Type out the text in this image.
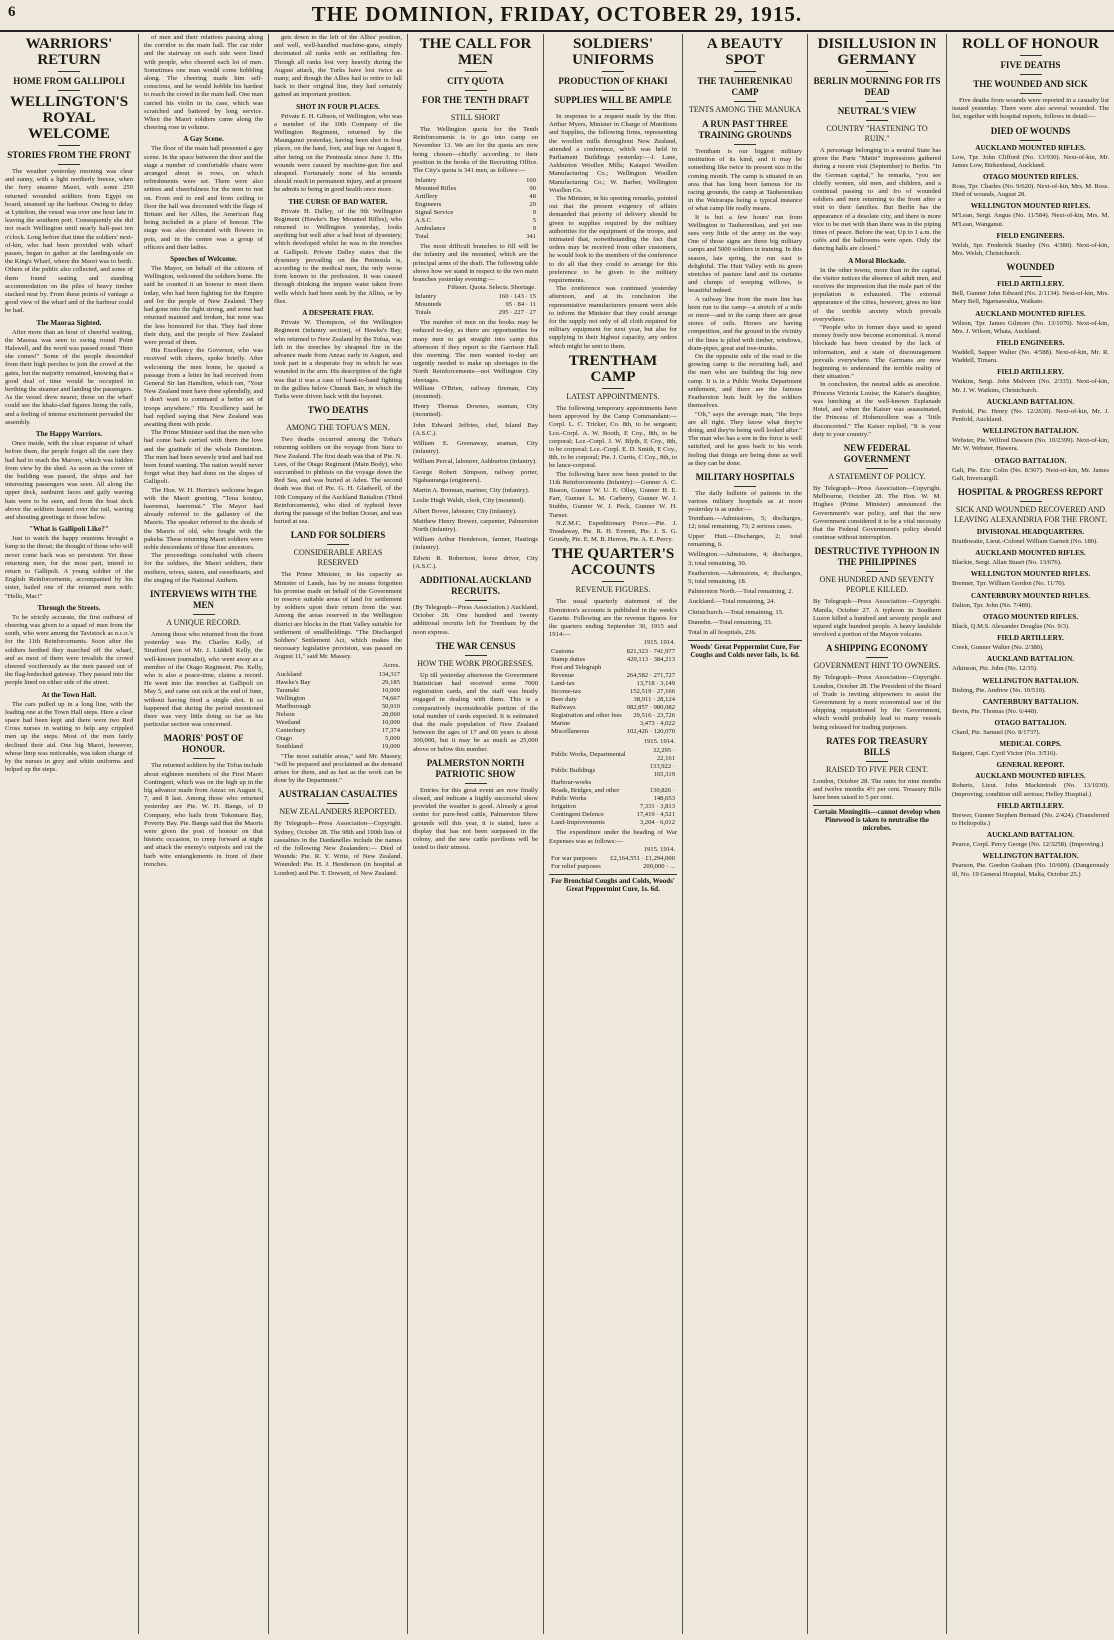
6	THE DOMINION, FRIDAY, OCTOBER 29, 1915.
WARRIORS' RETURN
HOME FROM GALLIPOLI
WELLINGTON'S ROYAL WELCOME
STORIES FROM THE FRONT

The weather yesterday morning was clear and sunny, with a light northerly breeze, when the ferry steamer Maori, with some 250 returned wounded soldiers from Egypt on board, steamed up the harbour. Owing to delay at Lyttelton, the vessel was over one hour late in leaving the southern port. Consequently she did not reach Wellington until nearly half-past ten o'clock. Long before that time the soldiers' next-of-kin, who had been provided with wharf passes, began to gather at the landing-side on the King's Wharf, where the Maori was to berth. Others of the public also collected, and some of them found seating and standing accommodation on the piles of heavy timber stacked near by. From these points of vantage a good view of the wharf and of the harbour could be had.

The Maoraa Sighted.

After more than an hour of cheerful waiting, the Maoraa was seen to swing round Point Halswell, and the word was passed round "Here she comes!" Some of the people descended from their high perches to join the crowd at the gates, but the majority remained, knowing that a good deal of time would be occupied in berthing the steamer and landing the passengers. As the vessel drew nearer, those on the wharf could see the khaki-clad figures lining the rails, and a feeling of intense excitement pervaded the assembly.

The Happy Warriors.

Once inside, with the clear expanse of wharf before them, the people forgot all the care they had had to reach the Maroro, which was hidden from view by the shed. As soon as the cover of the building was passed, the ships and her interesting passengers was seen. All along the upper deck, sunburnt faces and gaily waving hats were to be seen, and from the boat deck above the soldiers leaned over the rail, waving and shouting greetings to those below.

"What is Gallipoli Like?"

Just to watch the happy reunions brought a lump to the throat; the thought of those who will never come back was so persistent. Yet these returning men, for the most part, intend to return to Gallipoli. A young soldier of the English Reinforcements, accompanied by his sister, hailed one of the returned men with: "Hello, Mac!"

Through the Streets.

To be strictly accurate, the first outburst of cheering was given to a squad of men from the south, who were among the Tavistock as n.c.o.'s for the 11th Reinforcements. Soon after the soldiers berthed they marched off the wharf, and as most of them were invalids the crowd cheered vociferously as the men passed out of the flag-bedecked gateway. They passed into the people lined on either side of the street.

At the Town Hall.

The cars pulled up in a long line, with the leading one at the Town Hall steps. Here a clear space had been kept and there were two Red Cross nurses in waiting to help any crippled men up the steps. Most of the men fairly declined their aid. One big Maori, however, whose limp was noticeable, was taken charge of by the nurses in grey and white uniforms and helped up the steps.

of men and their relatives passing along the corridor to the main hall. The car rider and the stairway on each side were lined with people, who cheered each lot of men. Sometimes one man would come hobbling along. The cheering made him self-conscious, and he would hobble his hardest to reach the crowd in the main hall. One man carried his violin in its case, which was scratched and battered by long service. When the Maori soldiers came along the cheering rose in volume.

A Gay Scene.

The floor of the main hall presented a gay scene. In the space between the door and the stage a number of comfortable chairs were arranged about in rows, on which refreshments were set. There were also settees and cheerfulness for the men to rest on. From end to end and from ceiling to floor the hall was decorated with the flags of Britain and her Allies, the American flag being included in a place of honour. The stage was also decorated with flowers in pots, and in the centre was a group of officers and their ladies.

Speeches of Welcome.

The Mayor, on behalf of the citizens of Wellington, welcomed the soldiers home. He said he counted it an honour to meet them today, who had been fighting for the Empire and for the people of New Zealand. They had gone into the fight strong, and some had returned maimed and broken, but none was the less honoured for that. They had done their duty, and the people of New Zealand were proud of them.

His Excellency the Governor, who was received with cheers, spoke briefly. After welcoming the men home, he quoted a passage from a letter he had received from General Sir Ian Hamilton, which ran, "Your New Zealand men have done splendidly, and I don't want to command a better set of troops anywhere." His Excellency said he had replied saying that New Zealand was awaiting them with pride.

The Prime Minister said that the men who had come back carried with them the love and the gratitude of the whole Dominion. The men had been severely tried and had not been found wanting. The nation would never forget what they had done on the slopes of Gallipoli.

The Hon. W. H. Herries's welcome began with the Maori greeting, "Tena koutou, haeremai, haeremai." The Mayor had already referred to the gallantry of the Maoris. The speaker referred to the deeds of the Maoris of old, who fought with the pakeha. These returning Maori soldiers were noble descendants of those fine ancestors.

The proceedings concluded with cheers for the soldiers, the Maori soldiers, their mothers, wives, sisters, and sweethearts, and the singing of the National Anthem.

INTERVIEWS WITH THE MEN
A UNIQUE RECORD.

Among those who returned from the front yesterday was Pte. Charles Kelly, of Stratford (son of Mr. J. Liddell Kelly, the well-known journalist), who went away as a member of the Otago Regiment. Pte. Kelly, who is also a peace-time, claims a record. He went into the trenches at Gallipoli on May 5, and came out sick at the end of June, without having fired a single shot. It so happened that during the period mentioned there was very little doing so far as his particular section was concerned.

MAORIS' POST OF HONOUR.

The returned soldiers by the Tofua include about eighteen members of the First Maori Contingent, which was on the high up in the big advance made from Anzac on August 6, 7, and 8 last. Among those who returned yesterday are Pte. W. H. Bangs, of D Company, who hails from Tokomaru Bay, Poverty Bay. Pte. Bangs said that the Maoris were given the post of honour on that historic occasion, to creep forward at night and attack the enemy's outposts and cut the barb wire entanglements in front of their trenches.

gets down to the left of the Allies' position, and well, well-handled machine-guns, simply decimated all ranks with an enfilading fire. Though all ranks lost very heavily during the August attack, the Turks have lost twice as many, and though the Allies had to retire to fall back to their original line, they had certainly gained an important position.

SHOT IN FOUR PLACES.

Private E. H. Gibson, of Wellington, who was a member of the 10th Company of the Wellington Regiment, returned by the Maunganui yesterday, having been shot in four places, on the hand, foot, and legs on August 8, after being on the Peninsula since June 3. His wounds were caused by machine-gun fire and shrapnel. Fortunately none of his wounds should result in permanent injury, and at present he admits to being in good health once more.

THE CURSE OF BAD WATER.

Private H. Dalley, of the 9th Wellington Regiment (Hawke's Bay Mounted Rifles), who returned to Wellington yesterday, looks anything but well after a bad bout of dysentery, which developed whilst he was in the trenches at Gallipoli. Private Dalley states that the dysentery prevailing on the Peninsula is, according to the medical men, the only worse form known to the profession. It was caused through drinking the impure water taken from wells which had been sunk by the Allies, or by flies.

A DESPERATE FRAY.

Private W. Thompson, of the Wellington Regiment (infantry section), of Hawke's Bay, who returned to New Zealand by the Tofua, was left in the trenches by shrapnel fire in the advance made from Anzac early in August, and took part in a desperate fray in which he was wounded in the arm. His description of the fight was that it was a case of hand-to-hand fighting in the gullies below Chunuk Bair, in which the Turks were driven back with the bayonet.

TWO DEATHS
AMONG THE TOFUA'S MEN.

Two deaths occurred among the Tofua's returning soldiers on the voyage from Suez to New Zealand. The first death was that of Pte. N. Lees, of the Otago Regiment (Main Body), who succumbed to phthisis on the voyage down the Red Sea, and was buried at Aden. The second death was that of Pte. G. H. Gladwell, of the 10th Company of the Auckland Battalion (Third Reinforcements), who died of typhoid fever during the passage of the Indian Ocean, and was buried at sea.

LAND FOR SOLDIERS
CONSIDERABLE AREAS RESERVED

The Prime Minister, in his capacity as Minister of Lands, has by no means forgotten his promise made on behalf of the Government to reserve suitable areas of land for settlement by soldiers upon their return from the war. Among the areas reserved in the Wellington district are blocks in the Hutt Valley suitable for settlement of smallholdings. "The Discharged Soldiers' Settlement Act, which makes the necessary legislative provision, was passed on August 11," said Mr. Massey.

Acres.
Auckland	134,317
Hawke's Bay	29,185
Taranaki	10,000
Wellington	74,667
Marlborough	50,910
Nelson	28,060
Westland	10,000
Canterbury	17,374
Otago	5,000
Southland	19,000

"The most suitable areas," said Mr. Massey, "will be prepared and proclaimed as the demand arises for them, and as fast as the work can be done by the Department."

AUSTRALIAN CASUALTIES
NEW ZEALANDERS REPORTED.

By Telegraph—Press Association—Copyright. Sydney, October 28. The 98th and 100th lists of casualties in the Dardanelles include the names of the following New Zealanders:— Died of Wounds: Pte. R. Y. Write, of New Zealand. Wounded: Pte. H. J. Henderson (in hospital at London) and Pte. T. Dowsett, of New Zealand.

THE CALL FOR MEN
CITY QUOTA
FOR THE TENTH DRAFT
STILL SHORT

The Wellington quota for the Tenth Reinforcements is to go into camp on November 13. We are for the quota are now being chosen—chiefly according to their position in the books of the Recruiting Office. The City's quota is 341 men, as follows:—

Infantry	160
Mounted Rifles	90
Artillery	48
Engineers	20
Signal Service	9
A.S.C.	5
Ambulance	9
Total	341

The most difficult branches to fill will be the infantry and the mounted, which are the principal arms of the draft. The following table shows how we stand in respect to the two main branches yesterday evening:—

Fifteen. Quota. Selects. Shortage.
Infantry	160 · 143 · 15
Mounteds	95 · 84 · 11
Totals	295 · 227 · 27

The number of men on the books may be reduced to-day, as there are opportunities for many men to get straight into camp this afternoon if they report to the Garrison Hall this morning. The men wanted to-day are urgently needed to make up shortages in the North Reinforcements—not Wellington City shortages.

William O'Brien, railway fireman, City (mounted).

Henry Thomas Downes, seaman, City (mounted).

John Edward Jeffries, chef, Island Bay (A.S.C.).

William E. Greenaway, seaman, City (infantry).

William Percal, labourer, Ashburton (infantry).

George Robert Simpson, railway porter, Ngahauranga (engineers).

Martin A. Brennan, mariner, City (infantry).

Leslie Hugh Walsh, clerk, City (mounted).

Albert Bovee, labourer, City (infantry).

Matthew Henry Brewer, carpenter, Palmerston North (infantry).

William Arthur Henderson, farmer, Hastings (infantry).

Edwin R. Robertson, horse driver, City (A.S.C.).

ADDITIONAL AUCKLAND RECRUITS.

(By Telegraph—Press Association.) Auckland, October 28. One hundred and twenty additional recruits left for Trentham by the noon express.

THE WAR CENSUS
HOW THE WORK PROGRESSES.

Up till yesterday afternoon the Government Statistician had received some 7000 registration cards, and the staff was busily engaged in dealing with them. This is a comparatively inconsiderable portion of the total number of cards expected. It is estimated that the male population of New Zealand between the ages of 17 and 60 years is about 300,000, but it may be as much as 25,000 above or below this number.

PALMERSTON NORTH PATRIOTIC SHOW

Entries for this great event are now finally closed, and indicate a highly successful show provided the weather is good. Already a great centre for pure-bred cattle, Palmerston Show grounds will this year, it is stated, have a display that has not been surpassed in the colony, and the new cattle pavilions will be tested to their utmost.

SOLDIERS' UNIFORMS
PRODUCTION OF KHAKI
SUPPLIES WILL BE AMPLE

In response to a request made by the Hon. Arthur Myers, Minister in Charge of Munitions and Supplies, the following firms, representing the woollen mills throughout New Zealand, attended a conference, which was held in Parliament Buildings yesterday:—J. Lane, Ashburton Woollen Mills; Kaiapoi Woollen Manufacturing Co.; Wellington Woollen Manufacturing Co.; W. Barber, Wellington Woollen Co.

The Minister, in his opening remarks, pointed out that the present exigency of affairs demanded that priority of delivery should be given to supplies required by the military authorities for the equipment of the troops, and intimated that, notwithstanding the fact that orders may be received from other customers, he would look to the members of the conference to do all that they could to arrange for this preference to be given to the military requirements.

The conference was continued yesterday afternoon, and at its conclusion the representative manufacturers present were able to inform the Minister that they could arrange for the supply not only of all cloth required for military equipment for next year, but also for supplying in their highest capacity, any orders which might be sent to them.

TRENTHAM CAMP
LATEST APPOINTMENTS.

The following temporary appointments have been approved by the Camp Commandant:—Corpl. L. C. Tricker, Co. 8th, to be sergeant; Lce.-Corpl. A. W. Booth, E Coy., 8th, to be corporal; Lce.-Corpl. J. W. Blyth, E Coy., 8th, to be corporal; Lce.-Corpl. E. D. Smith, E Coy., 8th, to be corporal; Pte. J. Curtis, C Coy., 8th, to be lance-corporal.

The following have now been posted to the 11th Reinforcements (Infantry):—Gunner A. C. Bisson, Gunner W. U. E. Olley, Gunner H. E. Farr, Gunner L. M. Carberry, Gunner W. J. Stubbs, Gunner W. J. Peck, Gunner W. H. Turner.

N.Z.M.C. Expeditionary Force.—Pte. J. Treadaway, Pte. R. H. Everett, Pte. J. S. G. Grundy, Pte. E. M. B. Herron, Pte. A. E. Percy.

THE QUARTER'S ACCOUNTS
REVENUE FIGURES.

The usual quarterly statement of the Dominion's accounts is published in the week's Gazette. Following are the revenue figures for the quarters ending September 30, 1915 and 1914:—

1915. 1914.
Customs	821,323 · 741,977
Stamp duties	420,113 · 384,213
Post and Telegraph	
Revenue	264,582 · 271,727
Land-tax	13,718 · 3,149
Income-tax	152,519 · 27,166
Beer duty	38,911 · 28,124
Railways	982,857 · 980,082
Registration and other fees	29,516 · 23,726
Marine	3,473 · 4,022
Miscellaneous	102,426 · 120,070
1915. 1914.
Public Works, Departmental	32,295 · 22,161
Public Buildings	133,922 · 165,319
Harbour-works	
Roads, Bridges, and other Public Works	130,826 · 148,653
Irrigation	7,331 · 3,813
Contingent Defence	17,419 · 4,521
Land-Improvements	3,204 · 6,012

The expenditure under the heading of War Expenses was as follows:—

1915. 1914.
For war purposes	£2,164,551 · £1,294,000
For relief purposes	200,000 · ...
For Bronchial Coughs and Colds, Woods' Great Peppermint Cure, 1s. 6d.
A BEAUTY SPOT
THE TAUHERENIKAU CAMP
TENTS AMONG THE MANUKA
A RUN PAST THREE TRAINING GROUNDS

Trentham is our biggest military institution of its kind, and it may be something like twice its present size in the coming month. The camp is situated in an area that has long been famous for its racing grounds, the camp at Tauherenikau in the Wairarapa being a typical instance of what camp life really means.

It is but a few hours' run from Wellington to Tauherenikau, and yet one sees very little of the army on the way. One of those signs are three big military camps and 5000 soldiers in training. In this season, late spring, the run east is delightful. The Hutt Valley with its green stretches of pasture land and its curtains and clumps of weeping willows, is beautiful indeed.

A railway line from the main line has been run to the camp—a stretch of a mile or more—and in the camp there are great stores of rails. Horses are having competition, and the ground in the vicinity of the lines is piled with timber, windows, drain-pipes, great and tree-trunks.

On the opposite side of the road to the growing camp is the recruiting hall, and the men who are building the big new camp. It is in a Public Works Department settlement, and there are the famous Featherston huts built by the soldiers themselves.

"Oh," says the average man, "the boys are all right. They know what they're doing, and they're being well looked after." The man who has a son in the force is well satisfied, and he goes back to his work feeling that things are being done as well as they can be done.

MILITARY HOSPITALS

The daily bulletin of patients in the various military hospitals as at noon yesterday is as under:—

Trentham.—Admissions, 5; discharges, 12; total remaining, 73; 2 serious cases.

Upper Hutt.—Discharges, 2; total remaining, 6.

Wellington.—Admissions, 4; discharges, 3; total remaining, 30.

Featherston.—Admissions, 4; discharges, 5; total remaining, 18.

Palmerston North.—Total remaining, 2.

Auckland.—Total remaining, 24.

Christchurch.—Total remaining, 15.

Dunedin.—Total remaining, 33.

Total in all hospitals, 236.

Woods' Great Peppermint Cure, For Coughs and Colds never fails, 1s. 6d.
DISILLUSION IN GERMANY
BERLIN MOURNING FOR ITS DEAD
NEUTRAL'S VIEW
COUNTRY "HASTENING TO RUIN."

A personage belonging to a neutral State has given the Paris "Matin" impressions gathered during a recent visit (September) to Berlin. "In the German capital," he remarks, "you see chiefly women, old men, and children, and a continual passing to and fro of wounded soldiers and men returning to the front after a visit to their families. But Berlin has the appearance of a desolate city, and there is more vice to be met with than there was in the piping times of peace. Before the war, Up to 1 a.m. the cafés and the ballrooms were open. Only the dancing halls are closed."

A Moral Blockade.

In the other towns, more than in the capital, the visitor notices the absence of adult men, and receives the impression that the male part of the population is exhausted. The external appearance of the cities, however, gives no hint of the terrible anxiety which prevails everywhere.

"People who in former days used to spend money freely now become economical. A moral blockade has been created by the lack of information, and a state of discouragement prevails everywhere. The Germans are now beginning to understand the terrible reality of their situation."

In conclusion, the neutral adds as anecdote. Princess Victoria Louise, the Kaiser's daughter, was lunching at the well-known Esplanade Hotel, and when the Kaiser was assassinated, the Princess of Hohenzollern was a "little disconcerted." The Kaiser replied, "It is your duty to your country."

NEW FEDERAL GOVERNMENT
A STATEMENT OF POLICY.

By Telegraph—Press Association—Copyright. Melbourne, October 28. The Hon. W. M. Hughes (Prime Minister) announced the Government's war policy, and that the new Government considered it to be a vital necessity that the Federal Government's policy should continue without interruption.

DESTRUCTIVE TYPHOON IN THE PHILIPPINES
ONE HUNDRED AND SEVENTY PEOPLE KILLED.

By Telegraph—Press Association—Copyright. Manila, October 27. A typhoon in Southern Luzon killed a hundred and seventy people and injured eight hundred people. A heavy landslide involved a portion of the Mayon volcano.

A SHIPPING ECONOMY
GOVERNMENT HINT TO OWNERS.

By Telegraph—Press Association—Copyright. London, October 28. The President of the Board of Trade is inviting shipowners to assist the Government by a more economical use of the shipping requisitioned by the Government, which would probably lead to many vessels being released for trading purposes.

RATES FOR TREASURY BILLS
RAISED TO FIVE PER CENT.

London, October 28. The rates for nine months and twelve months 4½ per cent. Treasury Bills have been raised to 5 per cent.

Certain Meningitis—cannot develop when Pinewood is taken to neutralise the microbes.
ROLL OF HONOUR
FIVE DEATHS
THE WOUNDED AND SICK

Five deaths from wounds were reported in a casualty list issued yesterday. There were also several wounded. The list, together with hospital reports, follows in detail:—

DIED OF WOUNDS
AUCKLAND MOUNTED RIFLES.

Low, Tpr. John Clifford (No. 13/930). Next-of-kin, Mr. James Low, Birkenhead, Auckland.

OTAGO MOUNTED RIFLES.

Ross, Tpr. Charles (No. 9/620). Next-of-kin, Mrs. M. Ross. Died of wounds, August 28.

WELLINGTON MOUNTED RIFLES.

M'Lean, Sergt. Angus (No. 11/584). Next-of-kin, Mrs. M. M'Lean, Wanganui.

FIELD ENGINEERS.

Welsh, Spr. Frederick Stanley (No. 4/380). Next-of-kin, Mrs. Welsh, Christchurch.

WOUNDED
FIELD ARTILLERY.

Bell, Gunner John Edward (No. 2/1134). Next-of-kin, Mrs. Mary Bell, Ngaruawahia, Waikato.

AUCKLAND MOUNTED RIFLES.

Wilson, Tpr. James Gilmore (No. 13/1070). Next-of-kin, Mrs. J. Wilson, Whata, Auckland.

FIELD ENGINEERS.

Waddell, Sapper Walter (No. 4/588). Next-of-kin, Mr. R. Waddell, Timaru.

FIELD ARTILLERY.

Watkins, Sergt. John Melvern (No. 2/335). Next-of-kin, Mr. J. W. Watkins, Christchurch.

AUCKLAND BATTALION.

Penfold, Pte. Henry (No. 12/2630). Next-of-kin, Mr. J. Penfold, Auckland.

WELLINGTON BATTALION.

Webster, Pte. Wilfred Dawson (No. 10/2399). Next-of-kin, Mr. W. Webster, Hawera.

OTAGO BATTALION.

Galt, Pte. Eric Colin (No. 8/367). Next-of-kin, Mr. James Galt, Invercargill.

HOSPITAL & PROGRESS REPORT
SICK AND WOUNDED RECOVERED AND LEAVING ALEXANDRIA FOR THE FRONT.
DIVISIONAL HEADQUARTERS.

Braithwaite, Lieut.-Colonel William Garnett (No. 180).

AUCKLAND MOUNTED RIFLES.

Blackie, Sergt. Allan Stuart (No. 13/676).

WELLINGTON MOUNTED RIFLES.

Brenner, Tpr. William Gordon (No. 11/70).

CANTERBURY MOUNTED RIFLES.

Dalton, Tpr. John (No. 7/489).

OTAGO MOUNTED RIFLES.

Black, Q.M.S. Alexander Douglas (No. 9/3).

FIELD ARTILLERY.

Creek, Gunner Walter (No. 2/380).

AUCKLAND BATTALION.

Atkinson, Pte. John (No. 12/35).

WELLINGTON BATTALION.

Bisbing, Pte. Andrew (No. 10/510).

CANTERBURY BATTALION.

Bevin, Pte. Thomas (No. 6/448).

OTAGO BATTALION.

Chard, Pte. Samuel (No. 8/1737).

MEDICAL CORPS.

Baigent, Capt. Cyril Victor (No. 3/516).

GENERAL REPORT.
AUCKLAND MOUNTED RIFLES.

Roberts, Lieut. John Mackintosh (No. 13/1030). (Improving; condition still serious; Helley Hospital.)

FIELD ARTILLERY.

Brewer, Gunner Stephen Bernard (No. 2/424). (Transferred to Heliopolis.)

AUCKLAND BATTALION.

Pearce, Corpl. Percy George (No. 12/3258). (Improving.)

WELLINGTON BATTALION.

Pearson, Pte. Gordon Graham (No. 10/609). (Dangerously ill, No. 19 General Hospital, Malta, October 25.)
